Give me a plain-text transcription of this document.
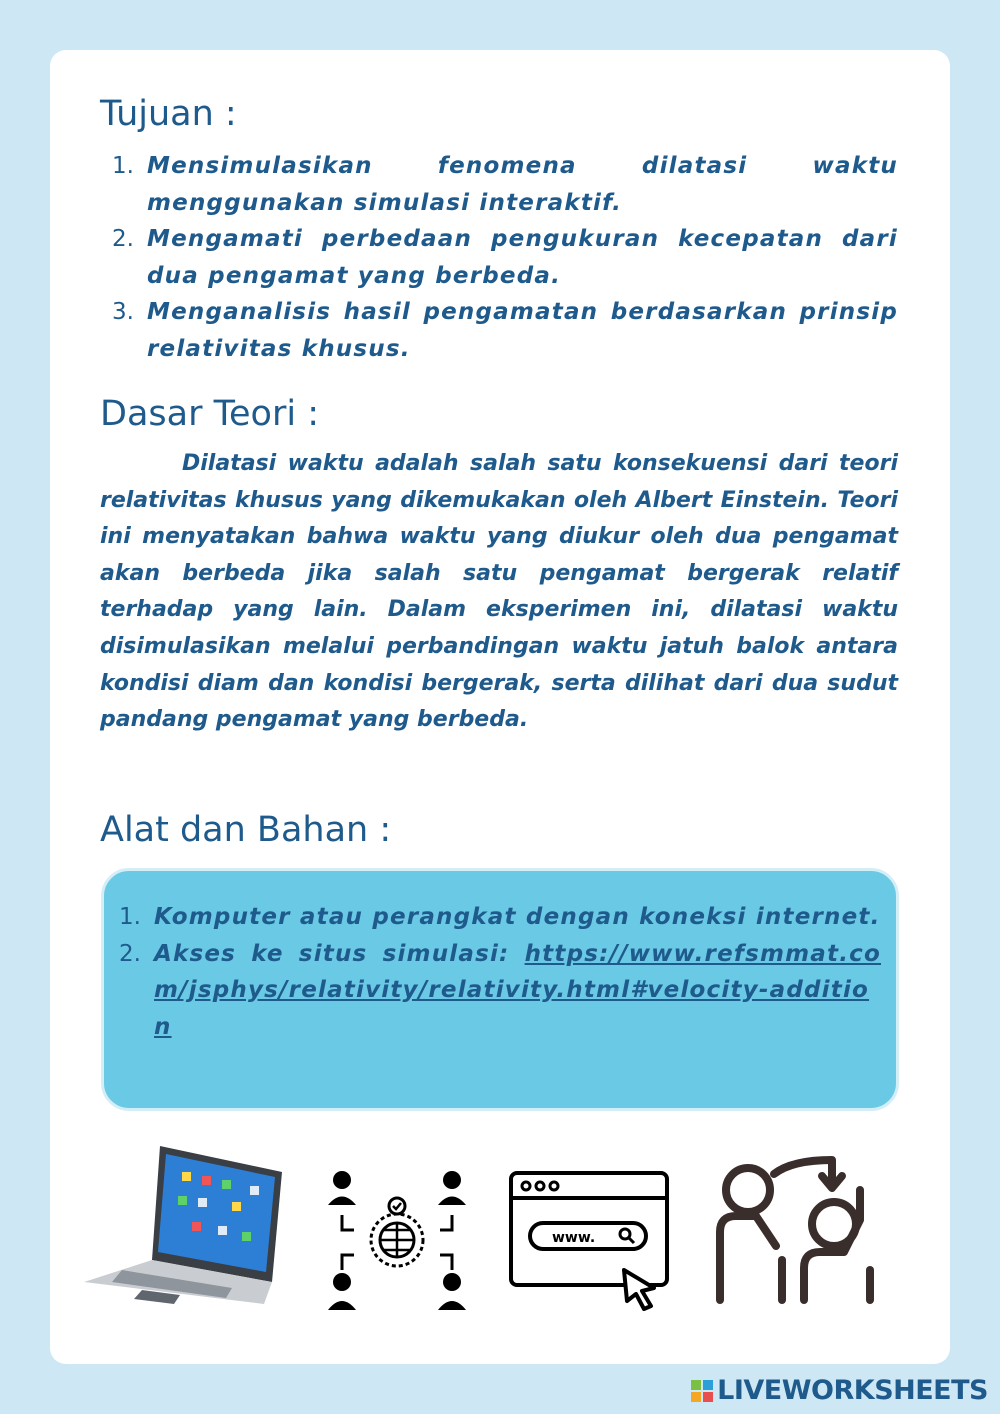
Tujuan :
1. Mensimulasikan fenomena dilatasi waktu menggunakan simulasi interaktif.
2. Mengamati perbedaan pengukuran kecepatan dari dua pengamat yang berbeda.
3. Menganalisis hasil pengamatan berdasarkan prinsip relativitas khusus.
Dasar Teori :

Dilatasi waktu adalah salah satu konsekuensi dari teori relativitas khusus yang dikemukakan oleh Albert Einstein. Teori ini menyatakan bahwa waktu yang diukur oleh dua pengamat akan berbeda jika salah satu pengamat bergerak relatif terhadap yang lain. Dalam eksperimen ini, dilatasi waktu disimulasikan melalui perbandingan waktu jatuh balok antara kondisi diam dan kondisi bergerak, serta dilihat dari dua sudut pandang pengamat yang berbeda.

Alat dan Bahan :
1. Komputer atau perangkat dengan koneksi internet.
2. Akses ke situs simulasi: https://www.refsmmat.com/jsphys/relativity/relativity.html#velocity-addition
www.
LIVEWORKSHEETS
